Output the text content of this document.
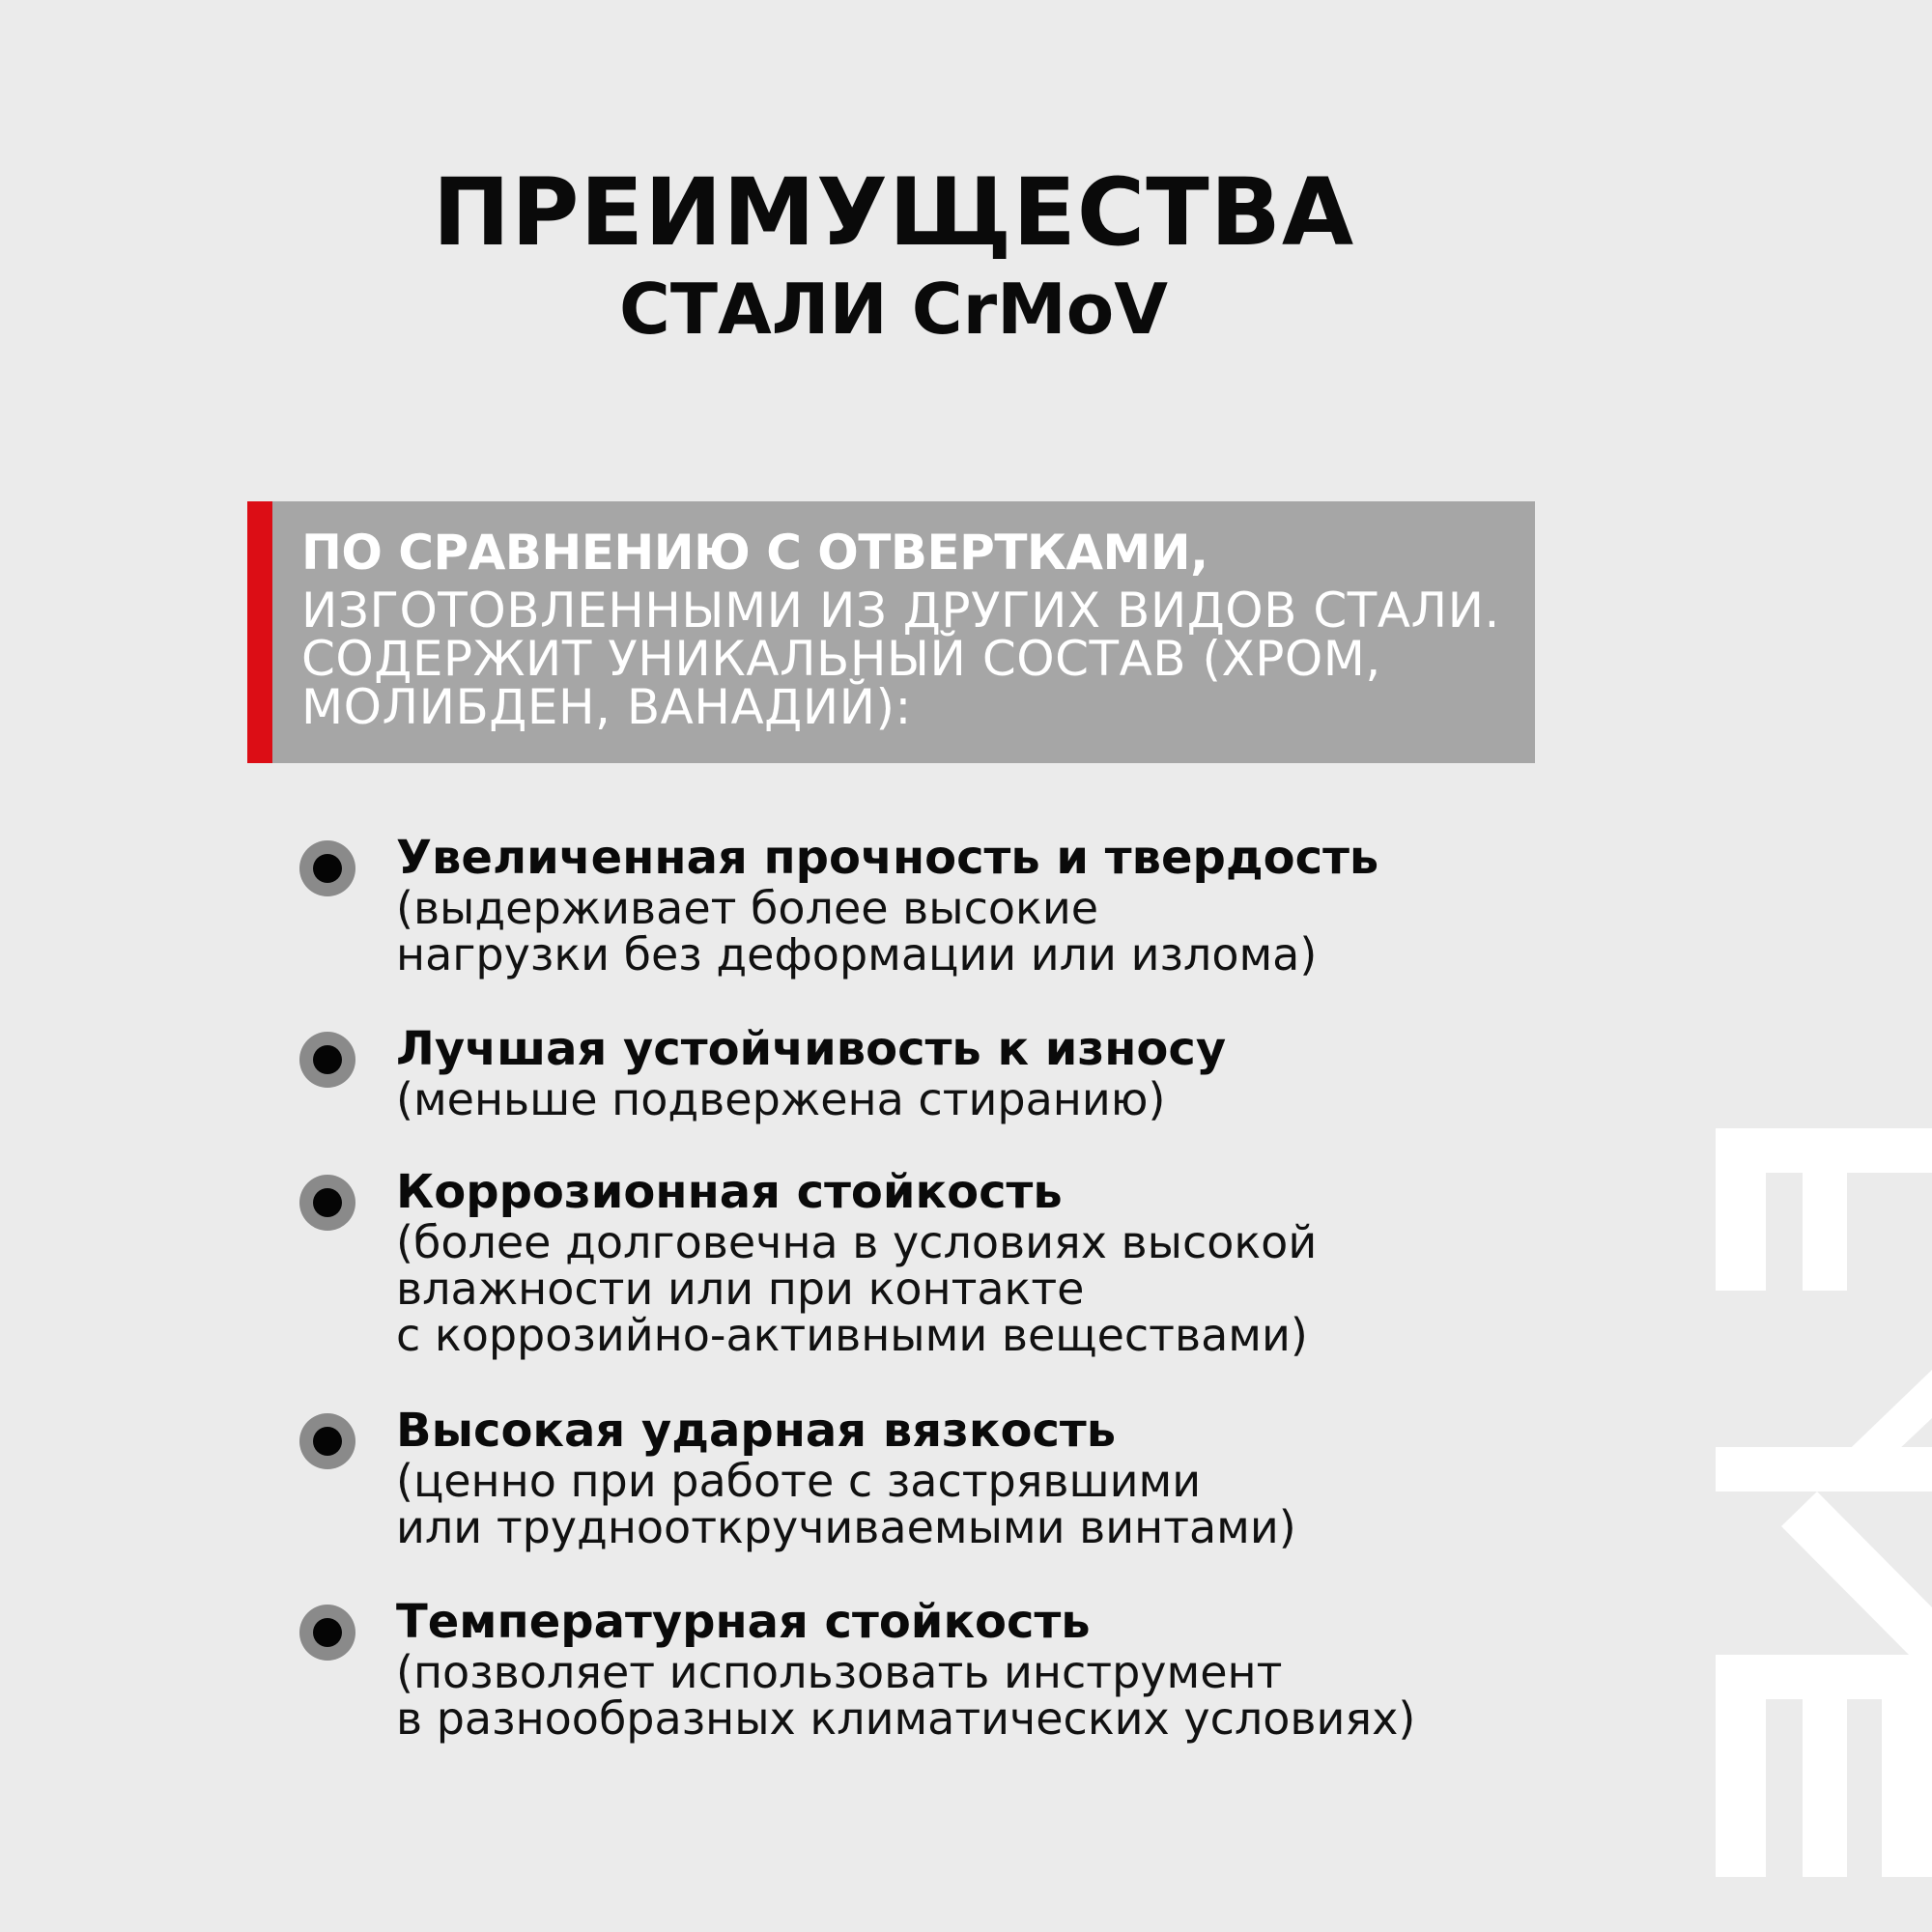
ПРЕИМУЩЕСТВА
СТАЛИ CrMoV
ПО СРАВНЕНИЮ С ОТВЕРТКАМИ,
ИЗГОТОВЛЕННЫМИ ИЗ ДРУГИХ ВИДОВ СТАЛИ. СОДЕРЖИТ УНИКАЛЬНЫЙ СОСТАВ (ХРОМ, МОЛИБДЕН, ВАНАДИЙ):
Увеличенная прочность и твердость
(выдерживает более высокие
нагрузки без деформации или излома)
Лучшая устойчивость к износу
(меньше подвержена стиранию)
Коррозионная стойкость
(более долговечна в условиях высокой
влажности или при контакте
с коррозийно-активными веществами)
Высокая ударная вязкость
(ценно при работе с застрявшими
или труднооткручиваемыми винтами)
Температурная стойкость
(позволяет использовать инструмент
в разнообразных климатических условиях)
